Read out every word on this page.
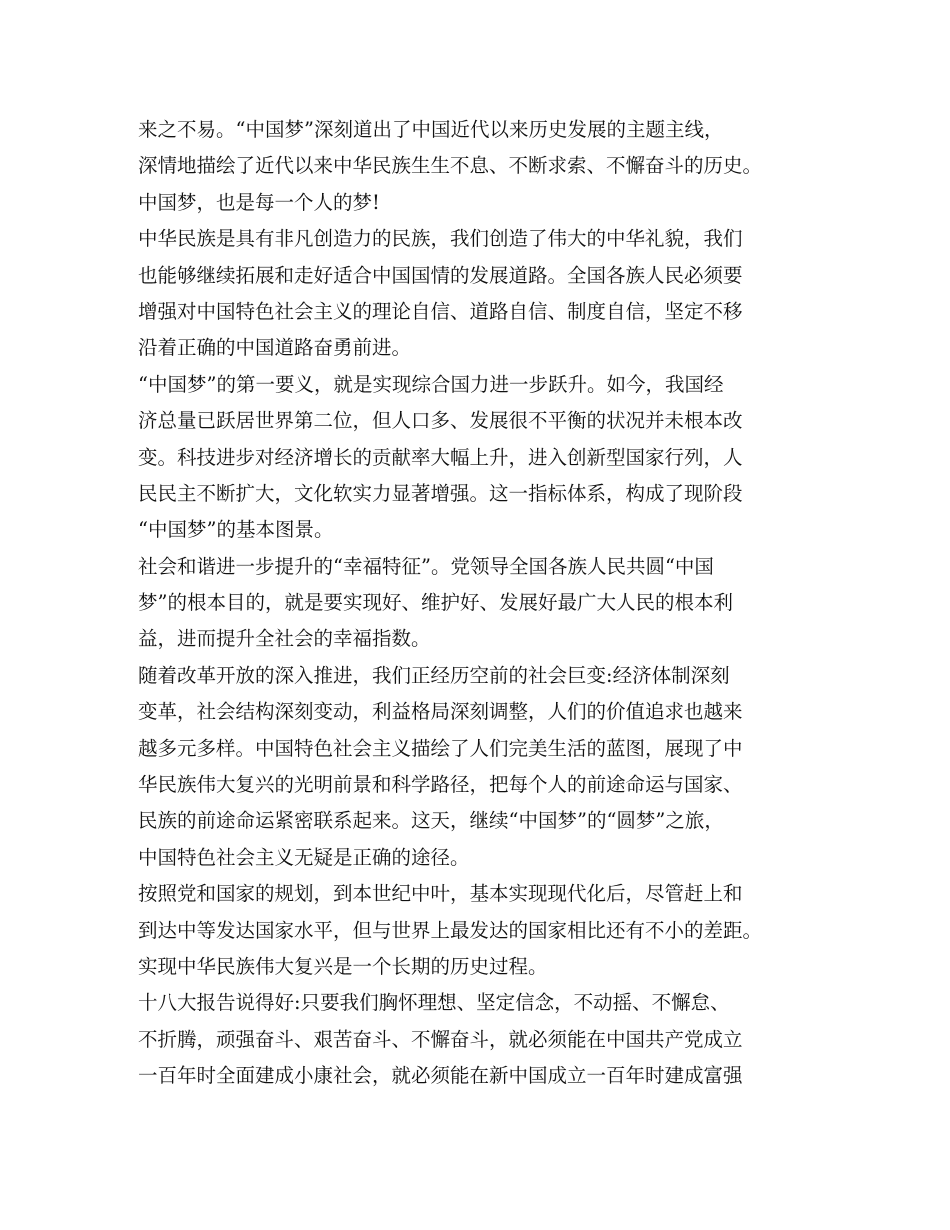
来之不易。“中国梦”深刻道出了中国近代以来历史发展的主题主线，
深情地描绘了近代以来中华民族生生不息、不断求索、不懈奋斗的历史。
中国梦，也是每一个人的梦!
中华民族是具有非凡创造力的民族，我们创造了伟大的中华礼貌，我们
也能够继续拓展和走好适合中国国情的发展道路。全国各族人民必须要
增强对中国特色社会主义的理论自信、道路自信、制度自信，坚定不移
沿着正确的中国道路奋勇前进。
“中国梦”的第一要义，就是实现综合国力进一步跃升。如今，我国经
济总量已跃居世界第二位，但人口多、发展很不平衡的状况并未根本改
变。科技进步对经济增长的贡献率大幅上升，进入创新型国家行列，人
民民主不断扩大，文化软实力显著增强。这一指标体系，构成了现阶段
“中国梦”的基本图景。
社会和谐进一步提升的“幸福特征”。党领导全国各族人民共圆“中国
梦”的根本目的，就是要实现好、维护好、发展好最广大人民的根本利
益，进而提升全社会的幸福指数。
随着改革开放的深入推进，我们正经历空前的社会巨变:经济体制深刻
变革，社会结构深刻变动，利益格局深刻调整，人们的价值追求也越来
越多元多样。中国特色社会主义描绘了人们完美生活的蓝图，展现了中
华民族伟大复兴的光明前景和科学路径，把每个人的前途命运与国家、
民族的前途命运紧密联系起来。这天，继续“中国梦”的“圆梦”之旅，
中国特色社会主义无疑是正确的途径。
按照党和国家的规划，到本世纪中叶，基本实现现代化后，尽管赶上和
到达中等发达国家水平，但与世界上最发达的国家相比还有不小的差距。
实现中华民族伟大复兴是一个长期的历史过程。
十八大报告说得好:只要我们胸怀理想、坚定信念，不动摇、不懈怠、
不折腾，顽强奋斗、艰苦奋斗、不懈奋斗，就必须能在中国共产党成立
一百年时全面建成小康社会，就必须能在新中国成立一百年时建成富强
